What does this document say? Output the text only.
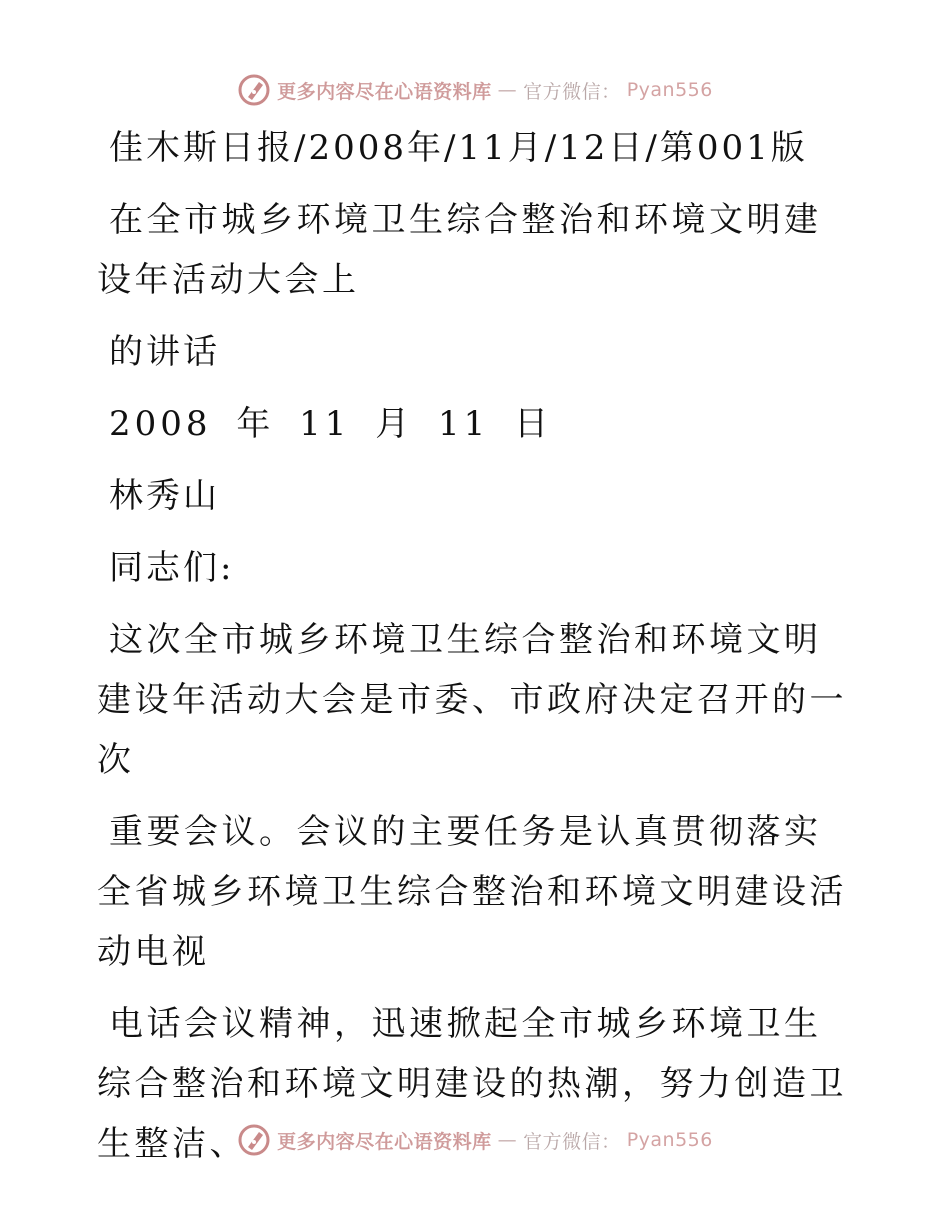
更多内容尽在心语资料库 — 官方微信： Pyan556

佳木斯日报/2008年/11月/12日/第001版

在全市城乡环境卫生综合整治和环境文明建设年活动大会上

的讲话

2008 年 11 月 11 日

林秀山

同志们:

这次全市城乡环境卫生综合整治和环境文明建设年活动大会是市委、市政府决定召开的一次

重要会议。会议的主要任务是认真贯彻落实全省城乡环境卫生综合整治和环境文明建设活动电视

电话会议精神，迅速掀起全市城乡环境卫生综合整治和环境文明建设的热潮，努力创造卫生整洁、	更多内容尽在心语资料库 — 官方微信： Pyan556
